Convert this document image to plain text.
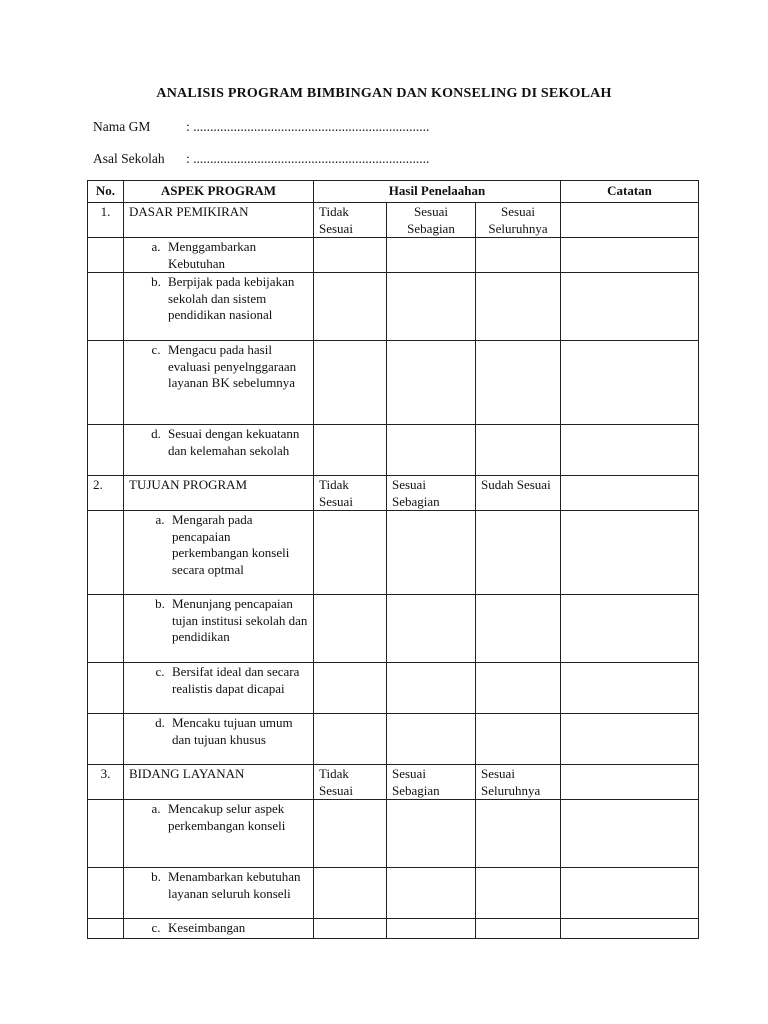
ANALISIS PROGRAM BIMBINGAN DAN KONSELING DI SEKOLAH
Nama GM	: ......................................................................
Asal Sekolah : ......................................................................
No.	ASPEK PROGRAM	Hasil Penelaahan			Catatan
1.	DASAR PEMIKIRAN	Tidak Sesuai	Sesuai Sebagian	Sesuai Seluruhnya	

	a. Menggambarkan Kebutuhan				

	b. Berpijak pada kebijakan sekolah dan sistem pendidikan nasional				

	c. Mengacu pada hasil evaluasi penyelnggaraan layanan BK sebelumnya				

	d. Sesuai dengan kekuatann dan kelemahan sekolah				

2.	TUJUAN PROGRAM	Tidak Sesuai	Sesuai Sebagian	Sudah Sesuai	

	a. Mengarah pada pencapaian perkembangan konseli secara optmal				

	b. Menunjang pencapaian tujan institusi sekolah dan pendidikan				

	c. Bersifat ideal dan secara realistis dapat dicapai				

	d. Mencaku tujuan umum dan tujuan khusus				

3.	BIDANG LAYANAN	Tidak Sesuai	Sesuai Sebagian	Sesuai Seluruhnya	

	a. Mencakup selur aspek perkembangan konseli				

	b. Menambarkan kebutuhan layanan seluruh konseli				

	c. Keseimbangan				
